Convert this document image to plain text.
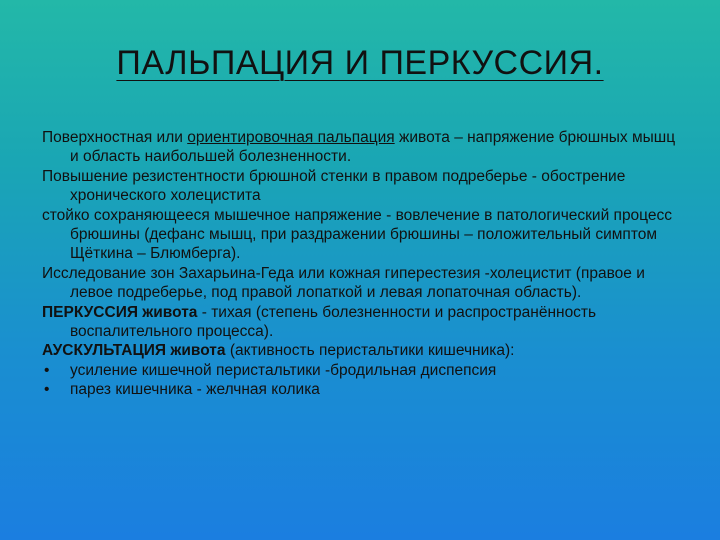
ПАЛЬПАЦИЯ И ПЕРКУССИЯ.

Поверхностная или ориентировочная пальпация живота – напряжение брюшных мышц и область наибольшей болезненности.

Повышение резистентности брюшной стенки в правом подреберье - обострение хронического холецистита

стойко сохраняющееся мышечное напряжение - вовлечение в патологический процесс брюшины (дефанс мышц, при раздражении брюшины – положительный симптом Щёткина – Блюмберга).

Исследование зон Захарьина-Геда или кожная гиперестезия -холецистит (правое и левое подреберье, под правой лопаткой и левая лопаточная область).

ПЕРКУССИЯ живота - тихая (степень болезненности и распространённость воспалительного процесса).

АУСКУЛЬТАЦИЯ живота (активность перистальтики кишечника):

• усиление кишечной перистальтики -бродильная диспепсия

• парез кишечника - желчная колика
